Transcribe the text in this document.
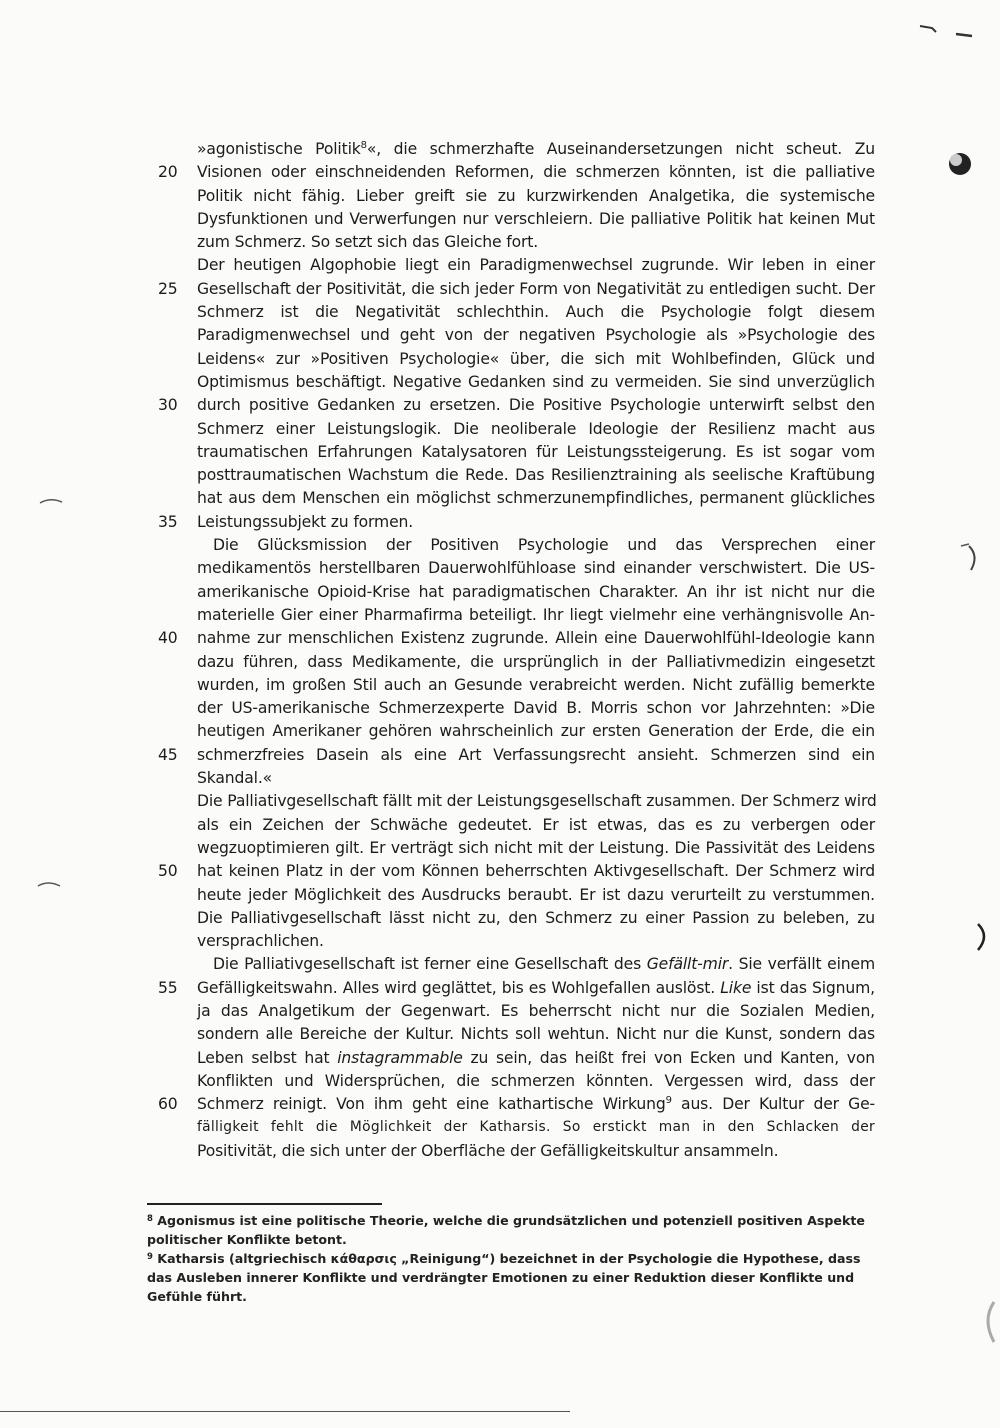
»agonistische Politik$^8$«, die schmerzhafte Auseinandersetzungen nicht scheut. Zu
20	Visionen oder einschneidenden Reformen, die schmerzen könnten, ist die palliative
Politik nicht fähig. Lieber greift sie zu kurzwirkenden Analgetika, die systemische
Dysfunktionen und Verwerfungen nur verschleiern. Die palliative Politik hat keinen Mut
zum Schmerz. So setzt sich das Gleiche fort.
Der heutigen Algophobie liegt ein Paradigmenwechsel zugrunde. Wir leben in einer
25	Gesellschaft der Positivität, die sich jeder Form von Negativität zu entledigen sucht. Der
Schmerz ist die Negativität schlechthin. Auch die Psychologie folgt diesem
Paradigmenwechsel und geht von der negativen Psychologie als »Psychologie des
Leidens« zur »Positiven Psychologie« über, die sich mit Wohlbefinden, Glück und
Optimismus beschäftigt. Negative Gedanken sind zu vermeiden. Sie sind unverzüglich
30	durch positive Gedanken zu ersetzen. Die Positive Psychologie unterwirft selbst den
Schmerz einer Leistungslogik. Die neoliberale Ideologie der Resilienz macht aus
traumatischen Erfahrungen Katalysatoren für Leistungssteigerung. Es ist sogar vom
posttraumatischen Wachstum die Rede. Das Resilienztraining als seelische Kraftübung
hat aus dem Menschen ein möglichst schmerzunempfindliches, permanent glückliches
35	Leistungssubjekt zu formen.
Die Glücksmission der Positiven Psychologie und das Versprechen einer
medikamentös herstellbaren Dauerwohlfühloase sind einander verschwistert. Die US-
amerikanische Opioid-Krise hat paradigmatischen Charakter. An ihr ist nicht nur die
materielle Gier einer Pharmafirma beteiligt. Ihr liegt vielmehr eine verhängnisvolle An-
40	nahme zur menschlichen Existenz zugrunde. Allein eine Dauerwohlfühl-Ideologie kann
dazu führen, dass Medikamente, die ursprünglich in der Palliativmedizin eingesetzt
wurden, im großen Stil auch an Gesunde verabreicht werden. Nicht zufällig bemerkte
der US-amerikanische Schmerzexperte David B. Morris schon vor Jahrzehnten: »Die
heutigen Amerikaner gehören wahrscheinlich zur ersten Generation der Erde, die ein
45	schmerzfreies Dasein als eine Art Verfassungsrecht ansieht. Schmerzen sind ein
Skandal.«
Die Palliativgesellschaft fällt mit der Leistungsgesellschaft zusammen. Der Schmerz wird
als ein Zeichen der Schwäche gedeutet. Er ist etwas, das es zu verbergen oder
wegzuoptimieren gilt. Er verträgt sich nicht mit der Leistung. Die Passivität des Leidens
50	hat keinen Platz in der vom Können beherrschten Aktivgesellschaft. Der Schmerz wird
heute jeder Möglichkeit des Ausdrucks beraubt. Er ist dazu verurteilt zu verstummen.
Die Palliativgesellschaft lässt nicht zu, den Schmerz zu einer Passion zu beleben, zu
versprachlichen.
Die Palliativgesellschaft ist ferner eine Gesellschaft des Gefällt-mir. Sie verfällt einem
55	Gefälligkeitswahn. Alles wird geglättet, bis es Wohlgefallen auslöst. Like ist das Signum,
ja das Analgetikum der Gegenwart. Es beherrscht nicht nur die Sozialen Medien,
sondern alle Bereiche der Kultur. Nichts soll wehtun. Nicht nur die Kunst, sondern das
Leben selbst hat instagrammable zu sein, das heißt frei von Ecken und Kanten, von
Konflikten und Widersprüchen, die schmerzen könnten. Vergessen wird, dass der
60	Schmerz reinigt. Von ihm geht eine kathartische Wirkung$^9$ aus. Der Kultur der Ge-
fälligkeit fehlt die Möglichkeit der Katharsis. So erstickt man in den Schlacken der
Positivität, die sich unter der Oberfläche der Gefälligkeitskultur ansammeln.
$^8$ Agonismus ist eine politische Theorie, welche die grundsätzlichen und potenziell positiven Aspekte politischer Konflikte betont.
$^9$ Katharsis (altgriechisch κάθαρσις „Reinigung“) bezeichnet in der Psychologie die Hypothese, dass das Ausleben innerer Konflikte und verdrängter Emotionen zu einer Reduktion dieser Konflikte und Gefühle führt.
